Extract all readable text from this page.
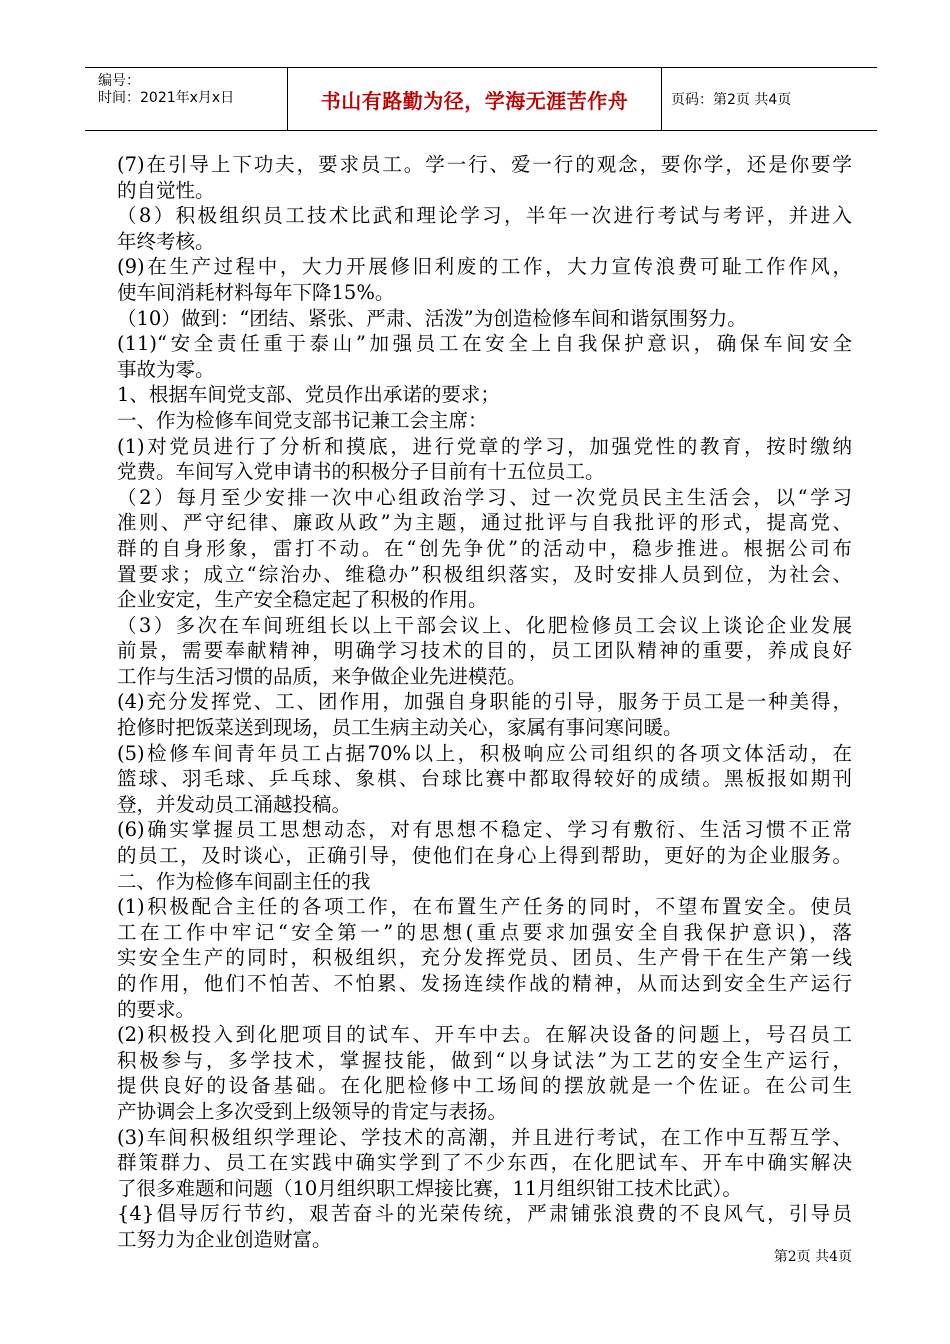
编号：
时间：2021年x月x日	书山有路勤为径，学海无涯苦作舟	页码：第2页 共4页
(7)在引导上下功夫，要求员工。学一行、爱一行的观念，要你学，还是你要学
的自觉性。
（8）积极组织员工技术比武和理论学习，半年一次进行考试与考评，并进入
年终考核。
(9)在生产过程中，大力开展修旧利废的工作，大力宣传浪费可耻工作作风，
使车间消耗材料每年下降15%。
（10）做到：“团结、紧张、严肃、活泼”为创造检修车间和谐氛围努力。
(11)“安全责任重于泰山”加强员工在安全上自我保护意识，确保车间安全
事故为零。
1、根据车间党支部、党员作出承诺的要求；
一、作为检修车间党支部书记兼工会主席：
(1)对党员进行了分析和摸底，进行党章的学习，加强党性的教育，按时缴纳
党费。车间写入党申请书的积极分子目前有十五位员工。
（2）每月至少安排一次中心组政治学习、过一次党员民主生活会，以“学习
准则、严守纪律、廉政从政”为主题，通过批评与自我批评的形式，提高党、
群的自身形象，雷打不动。在“创先争优”的活动中，稳步推进。根据公司布
置要求；成立“综治办、维稳办”积极组织落实，及时安排人员到位，为社会、
企业安定，生产安全稳定起了积极的作用。
（3）多次在车间班组长以上干部会议上、化肥检修员工会议上谈论企业发展
前景，需要奉献精神，明确学习技术的目的，员工团队精神的重要，养成良好
工作与生活习惯的品质，来争做企业先进模范。
(4)充分发挥党、工、团作用，加强自身职能的引导，服务于员工是一种美得，
抢修时把饭菜送到现场，员工生病主动关心，家属有事问寒问暖。
(5)检修车间青年员工占据70%以上，积极响应公司组织的各项文体活动，在
篮球、羽毛球、乒乓球、象棋、台球比赛中都取得较好的成绩。黑板报如期刊
登，并发动员工涌越投稿。
(6)确实掌握员工思想动态，对有思想不稳定、学习有敷衍、生活习惯不正常
的员工，及时谈心，正确引导，使他们在身心上得到帮助，更好的为企业服务。
二、作为检修车间副主任的我
(1)积极配合主任的各项工作，在布置生产任务的同时，不望布置安全。使员
工在工作中牢记“安全第一”的思想(重点要求加强安全自我保护意识)，落
实安全生产的同时，积极组织，充分发挥党员、团员、生产骨干在生产第一线
的作用，他们不怕苦、不怕累、发扬连续作战的精神，从而达到安全生产运行
的要求。
(2)积极投入到化肥项目的试车、开车中去。在解决设备的问题上，号召员工
积极参与，多学技术，掌握技能，做到“以身试法”为工艺的安全生产运行，
提供良好的设备基础。在化肥检修中工场间的摆放就是一个佐证。在公司生
产协调会上多次受到上级领导的肯定与表扬。
(3)车间积极组织学理论、学技术的高潮，并且进行考试，在工作中互帮互学、
群策群力、员工在实践中确实学到了不少东西，在化肥试车、开车中确实解决
了很多难题和问题（10月组织职工焊接比赛，11月组织钳工技术比武）。
{4}倡导厉行节约，艰苦奋斗的光荣传统，严肃铺张浪费的不良风气，引导员
工努力为企业创造财富。
第2页 共4页
